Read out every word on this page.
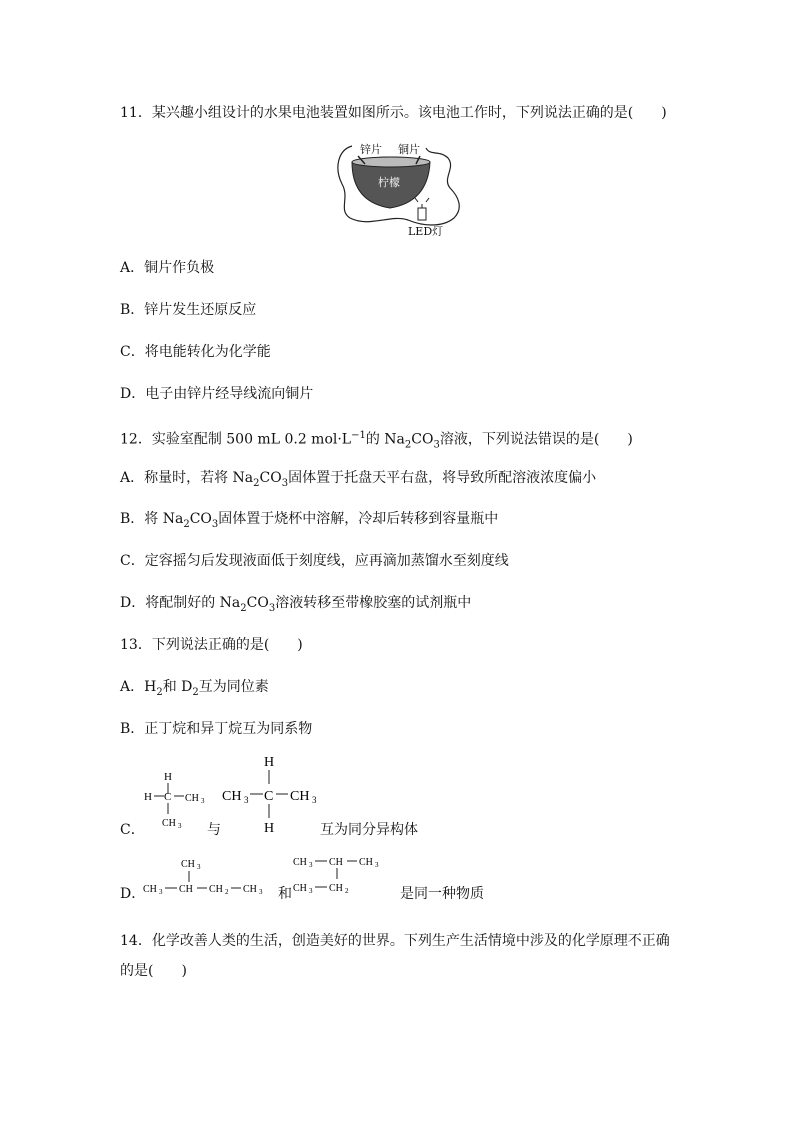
11．某兴趣小组设计的水果电池装置如图所示。该电池工作时，下列说法正确的是(　　)
锌片 铜片
柠檬
LED灯
A．铜片作负极
B．锌片发生还原反应
C．将电能转化为化学能
D．电子由锌片经导线流向铜片
12．实验室配制 500 mL 0.2 $mol\cdot L^{-1}$的 $Na_2CO_3$溶液，下列说法错误的是(　　)
A．称量时，若将 $Na_2CO_3$固体置于托盘天平右盘，将导致所配溶液浓度偏小
B．将 $Na_2CO_3$固体置于烧杯中溶解，冷却后转移到容量瓶中
C．定容摇匀后发现液面低于刻度线，应再滴加蒸馏水至刻度线
D．将配制好的 $Na_2CO_3$溶液转移至带橡胶塞的试剂瓶中
13．下列说法正确的是(　　)
A．$H_2$和 $D_2$互为同位素
B．正丁烷和异丁烷互为同系物
C．
H
H C CH 3
CH 3 与
H
CH 3 C CH 3
H	互为同分异构体
D．
CH 3
CH 3 CH CH 2 CH 3 和
CH 3 CH CH 3
CH 3 CH 2	是同一种物质
14．化学改善人类的生活，创造美好的世界。下列生产生活情境中涉及的化学原理不正确
的是(　　)
